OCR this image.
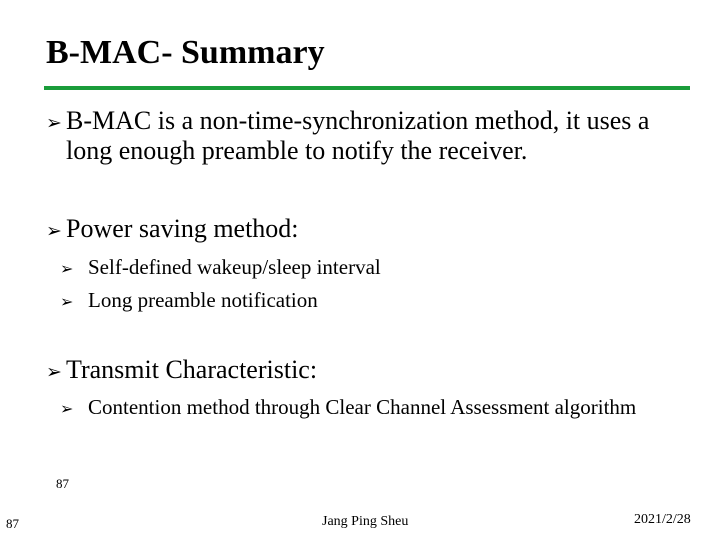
B-MAC- Summary
➢ B-MAC is a non-time-synchronization method, it uses a long enough preamble to notify the receiver.
➢ Power saving method:
➢ Self-defined wakeup/sleep interval
➢ Long preamble notification
➢ Transmit Characteristic:
➢ Contention method through Clear Channel Assessment algorithm
87
87
Jang Ping Sheu	2021/2/28
